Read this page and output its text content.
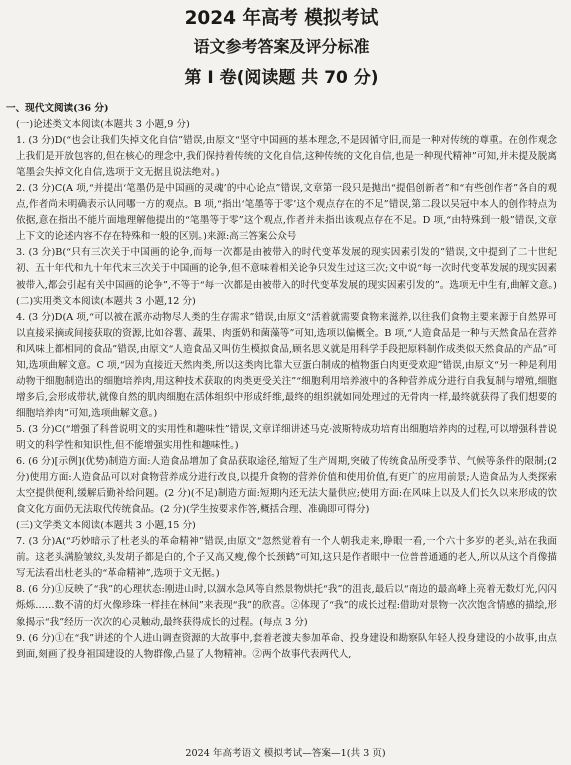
2024 年高考 模拟考试

语文参考答案及评分标准

第 I 卷(阅读题 共 70 分)

一、现代文阅读(36 分)

(一)论述类文本阅读(本题共 3 小题,9 分)

1. (3 分)D(“也会让我们失掉文化自信”错误,由原文“坚守中国画的基本理念,不是因循守旧,而是一种对传统的尊重。在创作观念上我们是开放包容的,但在核心的理念中,我们保持着传统的文化自信,这种传统的文化自信,也是一种现代精神”可知,并未提及脱离笔墨会失掉文化自信,选项于文无据且说法绝对。)

2. (3 分)C(A 项,“并提出‘笔墨仍是中国画的灵魂’的中心论点”错误,文章第一段只是抛出“提倡创新者”和“有些创作者”各自的观点,作者尚未明确表示认同哪一方的观点。B 项,“指出‘笔墨等于零’这个观点存在的不足”错误,第二段以吴冠中本人的创作特点为依据,意在指出不能片面地理解他提出的“笔墨等于零”这个观点,作者并未指出该观点存在不足。D 项,“由特殊到一般”错误,文章上下文的论述内容不存在特殊和一般的区别。)来源:高三答案公众号

3. (3 分)B(“只有三次关于中国画的论争,而每一次都是由被带入的时代变革发展的现实因素引发的”错误,文中提到了二十世纪初、五十年代和九十年代末三次关于中国画的论争,但不意味着相关论争只发生过这三次;文中说“每一次时代变革发展的现实因素被带入,都会引起有关中国画的论争”,不等于“每一次都是由被带入的时代变革发展的现实因素引发的”。选项无中生有,曲解文意。)

(二)实用类文本阅读(本题共 3 小题,12 分)

4. (3 分)D(A 项,“可以被在派亦动物尽人类的生存需求”错误,由原文“活着就需要食物来滋养,以往我们食物主要来源于自然界可以直接采摘或间接获取的资源,比如谷薯、蔬果、肉蛋奶和菌藻等”可知,选项以偏概全。B 项,“人造食品是一种与天然食品在营养和风味上都相同的食品”错误,由原文“人造食品又叫仿生模拟食品,顾名思义就是用科学手段把原料制作成类似天然食品的产品”可知,选项曲解文意。C 项,“因为直接近天然肉类,所以这类肉比靠大豆蛋白制成的植物蛋白肉更受欢迎”错误,由原文“另一种是利用动物干细胞制造出的细胞培养肉,用这种技术获取的肉类更受关注”“细胞利用培养液中的各种营养成分进行自我复制与增殖,细胞增多后,会形成带状,就像自然的肌肉细胞在活体组织中形成纤维,最终的组织就如同处理过的无骨肉一样,最终就获得了我们想要的细胞培养肉”可知,选项曲解文意。)

5. (3 分)C(“增强了科普说明文的实用性和趣味性”错误,文章详细讲述马克·波斯特成功培育出细胞培养肉的过程,可以增强科普说明文的科学性和知识性,但不能增强实用性和趣味性。)

6. (6 分)[示例](优势)制造方面:人造食品增加了食品获取途径,缩短了生产周期,突破了传统食品所受季节、气候等条件的限制;(2 分)使用方面:人造食品可以对食物营养成分进行改良,以提升食物的营养价值和使用价值,有更广的应用前景;人造食品为人类探索太空提供便利,缓解后勤补给问题。(2 分)(不足)制造方面:短期内还无法大量供应;使用方面:在风味上以及人们长久以来形成的饮食文化方面仍无法取代传统食品。(2 分)(学生按要求作答,概括合理、准确即可得分)

(三)文学类文本阅读(本题共 3 小题,15 分)

7. (3 分)A(“巧妙暗示了杜老头的革命精神”错误,由原文“忽然觉着有一个人朝我走来,睁眼一看,一个六十多岁的老头,站在我面前。这老头满脸皱纹,头发胡子都是白的,个子又高又瘦,像个长颈鹤”可知,这只是作者眼中一位普普通通的老人,所以从这个肖像描写无法看出杜老头的“革命精神”,选项于文无据。)

8. (6 分)①反映了“我”的心理状态:刚进山时,以涸水急风等自然景物烘托“我”的沮丧,最后以“南边的最高峰上亮着无数灯光,闪闪烁烁……数不清的灯火像珍珠一样挂在林间”来表现“我”的欣喜。②体现了“我”的成长过程:借助对景物一次次饱含情感的描绘,形象揭示“我”经历一次次的心灵触动,最终获得成长的过程。(每点 3 分)

9. (6 分)①在“我”讲述的个人进山调查资源的大故事中,套着老渡夫参加革命、投身建设和勘察队年轻人投身建设的小故事,由点到面,刻画了投身祖国建设的人物群像,凸显了人物精神。②两个故事代表两代人,

2024 年高考语文 模拟考试—答案—1(共 3 页)
